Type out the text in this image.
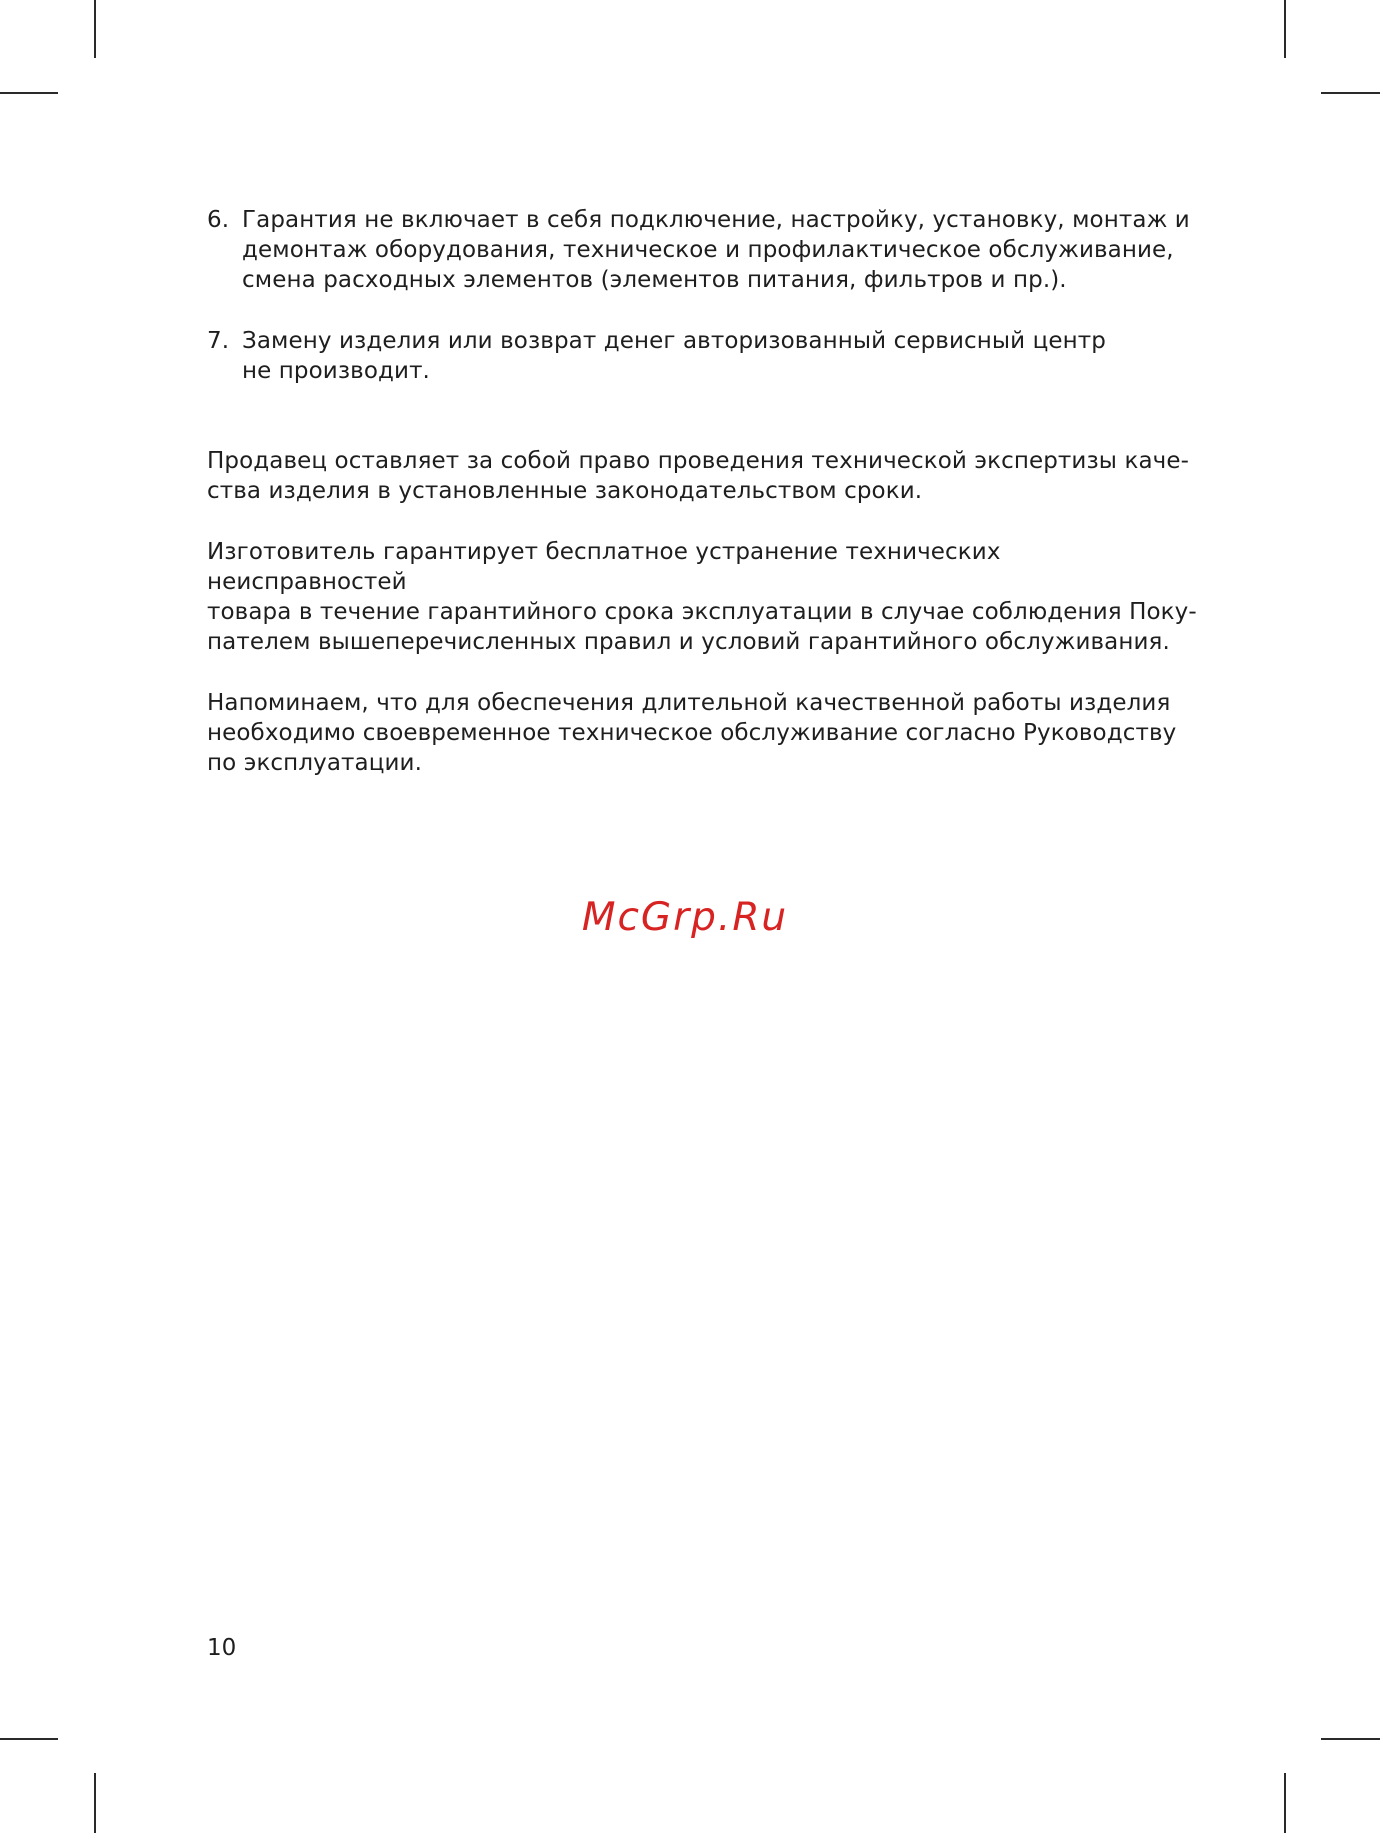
6. Гарантия не включает в себя подключение, настройку, установку, монтаж и
демонтаж оборудования, техническое и профилактическое обслуживание,
смена расходных элементов (элементов питания, фильтров и пр.).
7. Замену изделия или возврат денег авторизованный сервисный центр
не производит.

Продавец оставляет за собой право проведения технической экспертизы каче-
ства изделия в установленные законодательством сроки.

Изготовитель гарантирует бесплатное устранение технических неисправностей
товара в течение гарантийного срока эксплуатации в случае соблюдения Поку-
пателем вышеперечисленных правил и условий гарантийного обслуживания.

Напоминаем, что для обеспечения длительной качественной работы изделия
необходимо своевременное техническое обслуживание согласно Руководству
по эксплуатации.

McGrp.Ru
10
